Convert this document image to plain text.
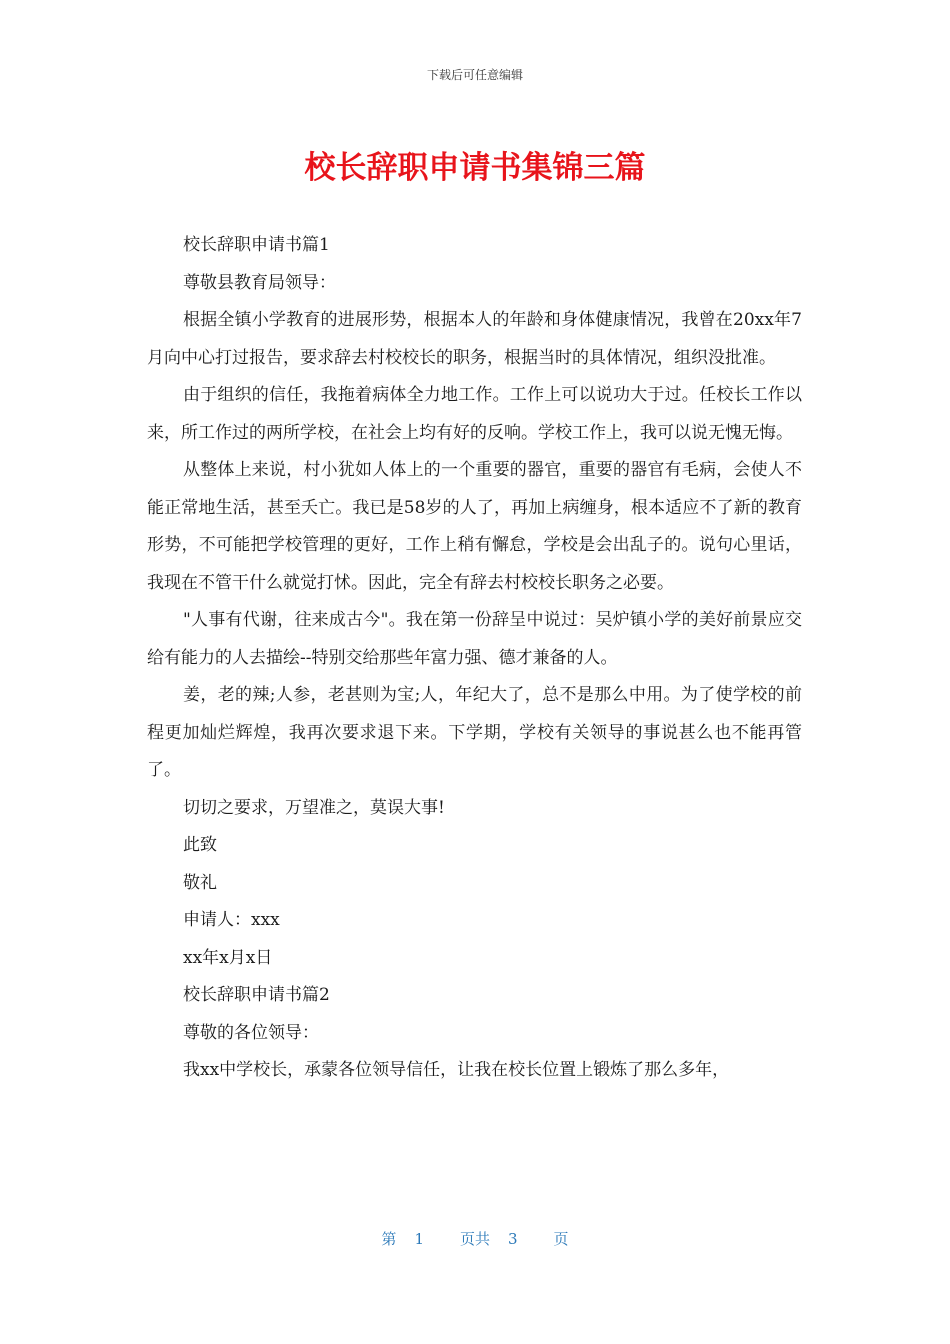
下载后可任意编辑
校长辞职申请书集锦三篇

校长辞职申请书篇1

尊敬县教育局领导：

根据全镇小学教育的进展形势，根据本人的年龄和身体健康情况，我曾在20xx年7月向中心打过报告，要求辞去村校校长的职务，根据当时的具体情况，组织没批准。

由于组织的信任，我拖着病体全力地工作。工作上可以说功大于过。任校长工作以来，所工作过的两所学校，在社会上均有好的反响。学校工作上，我可以说无愧无悔。

从整体上来说，村小犹如人体上的一个重要的器官，重要的器官有毛病，会使人不能正常地生活，甚至夭亡。我已是58岁的人了，再加上病缠身，根本适应不了新的教育形势，不可能把学校管理的更好，工作上稍有懈怠，学校是会出乱子的。说句心里话，我现在不管干什么就觉打怵。因此，完全有辞去村校校长职务之必要。

"人事有代谢，往来成古今"。我在第一份辞呈中说过：吴炉镇小学的美好前景应交给有能力的人去描绘--特别交给那些年富力强、德才兼备的人。

姜，老的辣;人参，老甚则为宝;人，年纪大了，总不是那么中用。为了使学校的前程更加灿烂辉煌，我再次要求退下来。下学期，学校有关领导的事说甚么也不能再管了。

切切之要求，万望准之，莫误大事!

此致

敬礼

申请人：xxx

xx年x月x日

校长辞职申请书篇2

尊敬的各位领导：

我xx中学校长，承蒙各位领导信任，让我在校长位置上锻炼了那么多年，

第 1 页共 3 页
